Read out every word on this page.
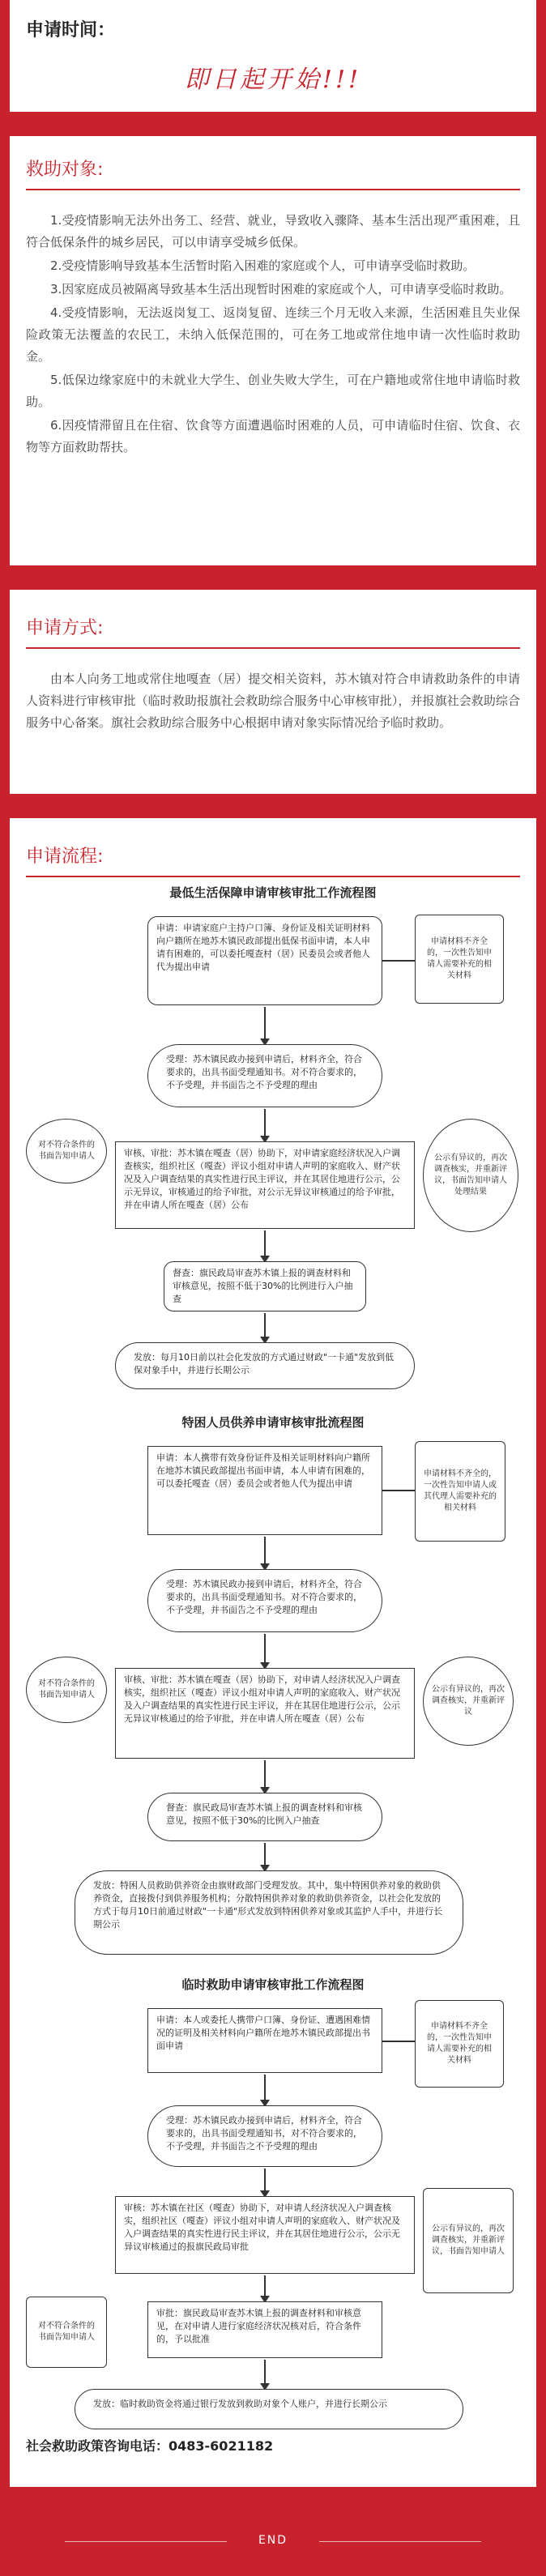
申请时间：
即日起开始!!!
救助对象:

1.受疫情影响无法外出务工、经营、就业，导致收入骤降、基本生活出现严重困难，且符合低保条件的城乡居民，可以申请享受城乡低保。

2.受疫情影响导致基本生活暂时陷入困难的家庭或个人，可申请享受临时救助。

3.因家庭成员被隔离导致基本生活出现暂时困难的家庭或个人，可申请享受临时救助。

4.受疫情影响，无法返岗复工、返岗复留、连续三个月无收入来源，生活困难且失业保险政策无法覆盖的农民工，未纳入低保范围的，可在务工地或常住地申请一次性临时救助金。

5.低保边缘家庭中的未就业大学生、创业失败大学生，可在户籍地或常住地申请临时救助。

6.因疫情滞留且在住宿、饮食等方面遭遇临时困难的人员，可申请临时住宿、饮食、衣物等方面救助帮扶。

申请方式:

由本人向务工地或常住地嘎查（居）提交相关资料，苏木镇对符合申请救助条件的申请人资料进行审核审批（临时救助报旗社会救助综合服务中心审核审批），并报旗社会救助综合服务中心备案。旗社会救助综合服务中心根据申请对象实际情况给予临时救助。

申请流程:
最低生活保障申请审核审批工作流程图
申请：申请家庭户主持户口簿、身份证及相关证明材料向户籍所在地苏木镇民政部提出低保书面申请，本人申请有困难的，可以委托嘎查村（居）民委员会或者他人代为提出申请
申请材料不齐全的，一次性告知申请人需要补充的相关材料
受理：苏木镇民政办接到申请后，材料齐全，符合要求的，出具书面受理通知书。对不符合要求的，不予受理，并书面告之不予受理的理由
审核、审批：苏木镇在嘎查（居）协助下，对申请家庭经济状况入户调查核实，组织社区（嘎查）评议小组对申请人声明的家庭收入、财产状况及入户调查结果的真实性进行民主评议，并在其居住地进行公示，公示无异议，审核通过的给予审批，对公示无异议审核通过的给予审批，并在申请人所在嘎查（居）公布
对不符合条件的书面告知申请人	公示有异议的，再次调查核实，并重新评议，书面告知申请人处理结果
督查：旗民政局审查苏木镇上报的调查材料和审核意见，按照不低于30%的比例进行入户抽查
发放：每月10日前以社会化发放的方式通过财政"一卡通"发放到低保对象手中，并进行长期公示
特困人员供养申请审核审批流程图
申请：本人携带有效身份证件及相关证明材料向户籍所在地苏木镇民政部提出书面申请，本人申请有困难的，可以委托嘎查（居）委员会或者他人代为提出申请
申请材料不齐全的，一次性告知申请人或其代理人需要补充的相关材料
受理：苏木镇民政办接到申请后，材料齐全，符合要求的，出具书面受理通知书。对不符合要求的，不予受理，并书面告之不予受理的理由
审核、审批：苏木镇在嘎查（居）协助下，对申请人经济状况入户调查核实，组织社区（嘎查）评议小组对申请人声明的家庭收入、财产状况及入户调查结果的真实性进行民主评议，并在其居住地进行公示，公示无异议审核通过的给予审批，并在申请人所在嘎查（居）公布
对不符合条件的书面告知申请人
公示有异议的，再次调查核实，并重新评议
督查：旗民政局审查苏木镇上报的调查材料和审核意见，按照不低于30%的比例入户抽查
发放：特困人员救助供养资金由旗财政部门受理发放。其中，集中特困供养对象的救助供养资金，直接拨付到供养服务机构；分散特困供养对象的救助供养资金，以社会化发放的方式于每月10日前通过财政"一卡通"形式发放到特困供养对象或其监护人手中，并进行长期公示
临时救助申请审核审批工作流程图
申请：本人或委托人携带户口簿、身份证、遭遇困难情况的证明及相关材料向户籍所在地苏木镇民政部提出书面申请
申请材料不齐全的，一次性告知申请人需要补充的相关材料
受理：苏木镇民政办接到申请后，材料齐全，符合要求的，出具书面受理通知书，对不符合要求的，不予受理，并书面告之不予受理的理由
审核：苏木镇在社区（嘎查）协助下，对申请人经济状况入户调查核实，组织社区（嘎查）评议小组对申请人声明的家庭收入、财产状况及入户调查结果的真实性进行民主评议，并在其居住地进行公示，公示无异议审核通过的报旗民政局审批
公示有异议的，再次调查核实，并重新评议，书面告知申请人
审批：旗民政局审查苏木镇上报的调查材料和审核意见，在对申请人进行家庭经济状况核对后，符合条件的，予以批准
对不符合条件的书面告知申请人
发放：临时救助资金将通过银行发放到救助对象个人账户，并进行长期公示
社会救助政策咨询电话：0483-6021182
END
